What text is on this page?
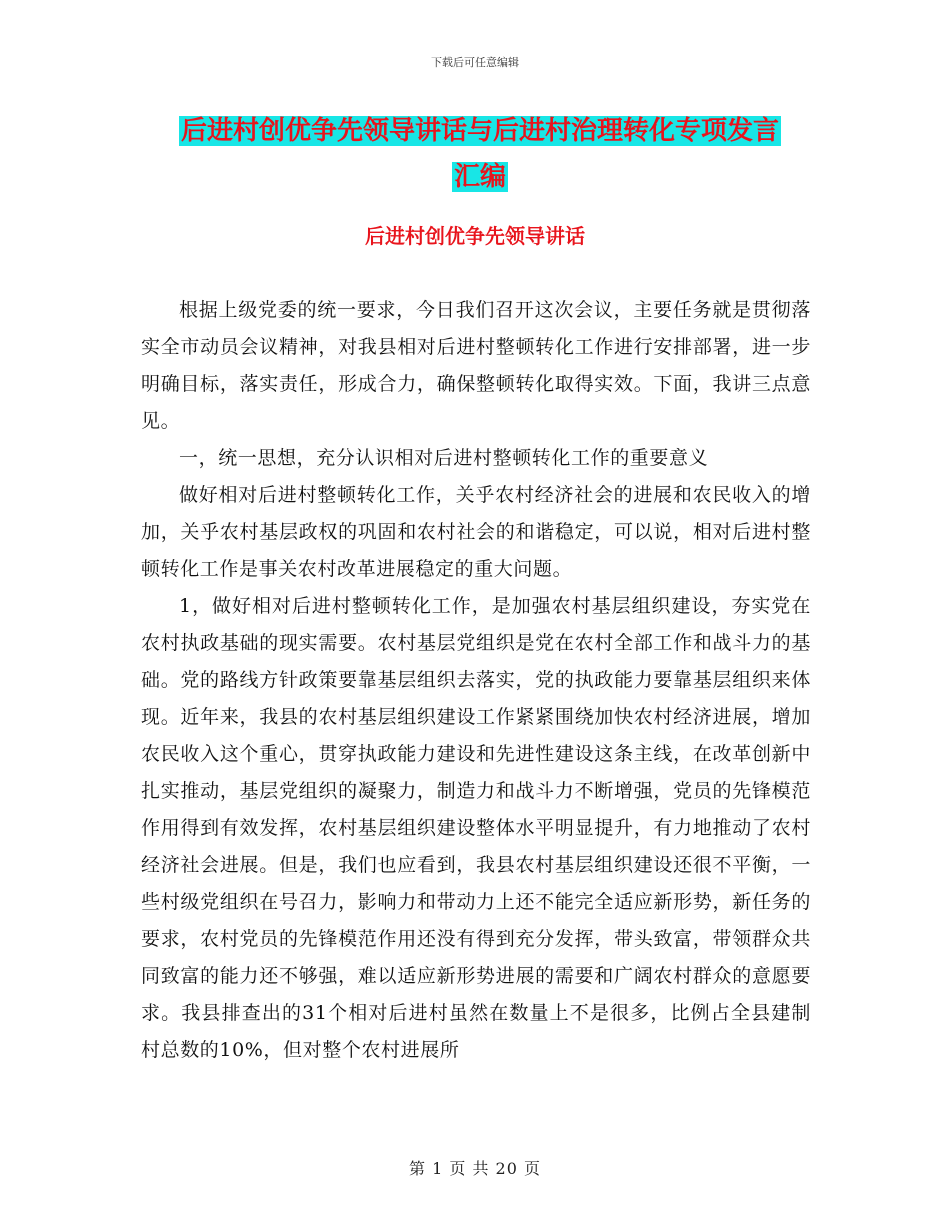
下载后可任意编辑
后进村创优争先领导讲话与后进村治理转化专项发言
汇编
后进村创优争先领导讲话

根据上级党委的统一要求，今日我们召开这次会议，主要任务就是贯彻落实全市动员会议精神，对我县相对后进村整顿转化工作进行安排部署，进一步明确目标，落实责任，形成合力，确保整顿转化取得实效。下面，我讲三点意见。

一，统一思想，充分认识相对后进村整顿转化工作的重要意义

做好相对后进村整顿转化工作，关乎农村经济社会的进展和农民收入的增加，关乎农村基层政权的巩固和农村社会的和谐稳定，可以说，相对后进村整顿转化工作是事关农村改革进展稳定的重大问题。

1，做好相对后进村整顿转化工作，是加强农村基层组织建设，夯实党在农村执政基础的现实需要。农村基层党组织是党在农村全部工作和战斗力的基础。党的路线方针政策要靠基层组织去落实，党的执政能力要靠基层组织来体现。近年来，我县的农村基层组织建设工作紧紧围绕加快农村经济进展，增加农民收入这个重心，贯穿执政能力建设和先进性建设这条主线，在改革创新中扎实推动，基层党组织的凝聚力，制造力和战斗力不断增强，党员的先锋模范作用得到有效发挥，农村基层组织建设整体水平明显提升，有力地推动了农村经济社会进展。但是，我们也应看到，我县农村基层组织建设还很不平衡，一些村级党组织在号召力，影响力和带动力上还不能完全适应新形势，新任务的要求，农村党员的先锋模范作用还没有得到充分发挥，带头致富，带领群众共同致富的能力还不够强，难以适应新形势进展的需要和广阔农村群众的意愿要求。我县排查出的31个相对后进村虽然在数量上不是很多，比例占全县建制村总数的10%，但对整个农村进展所

第 1 页 共 20 页
